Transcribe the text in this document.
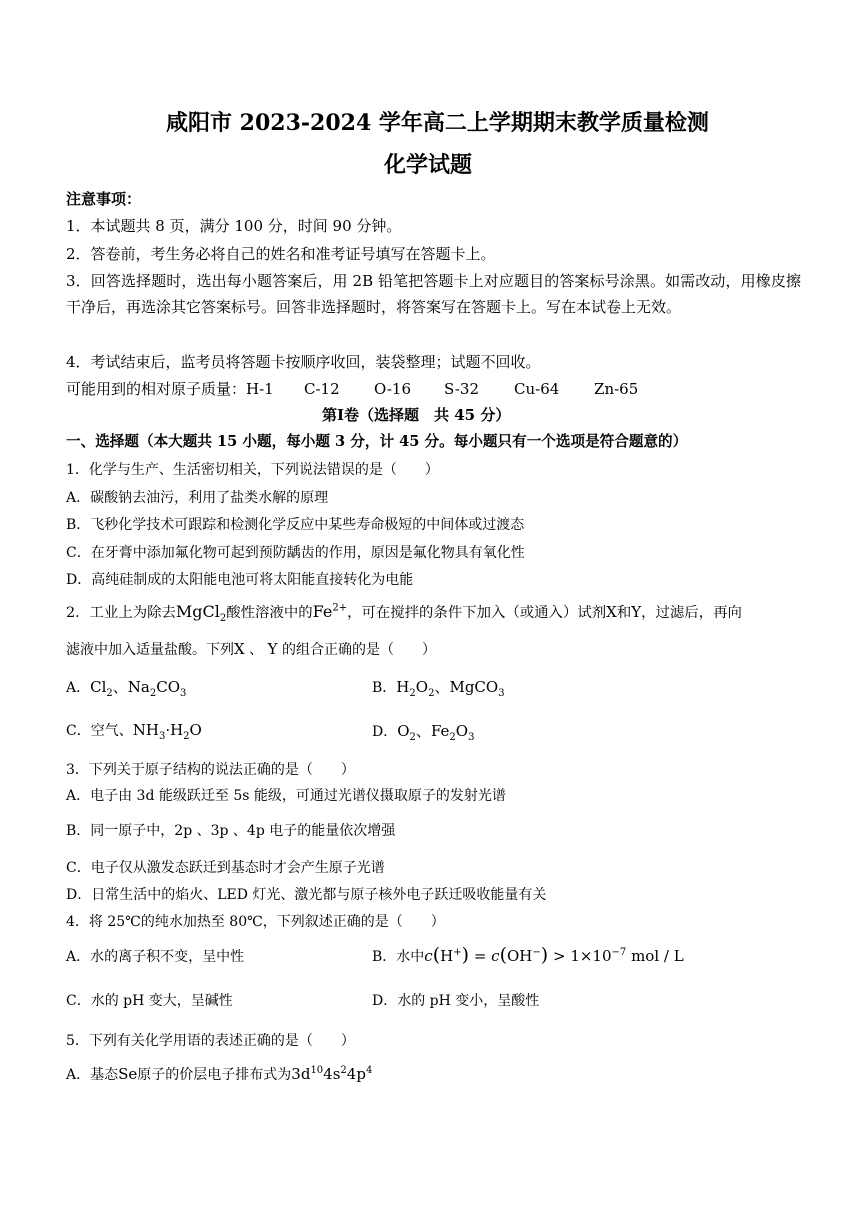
咸阳市 2023-2024 学年高二上学期期末教学质量检测
化学试题
注意事项：
1．本试题共 8 页，满分 100 分，时间 90 分钟。
2．答卷前，考生务必将自己的姓名和准考证号填写在答题卡上。
3．回答选择题时，选出每小题答案后，用 2B 铅笔把答题卡上对应题目的答案标号涂黑。如需改动，用橡皮擦干净后，再选涂其它答案标号。回答非选择题时，将答案写在答题卡上。写在本试卷上无效。
4．考试结束后，监考员将答题卡按顺序收回，装袋整理；试题不回收。
可能用到的相对原子质量：H-1 C-12 O-16 S-32 Cu-64 Zn-65
第Ⅰ卷（选择题　共 45 分）
一、选择题（本大题共 15 小题，每小题 3 分，计 45 分。每小题只有一个选项是符合题意的）
1．化学与生产、生活密切相关，下列说法错误的是（　　）
A．碳酸钠去油污，利用了盐类水解的原理
B．飞秒化学技术可跟踪和检测化学反应中某些寿命极短的中间体或过渡态
C．在牙膏中添加氟化物可起到预防龋齿的作用，原因是氟化物具有氧化性
D．高纯硅制成的太阳能电池可将太阳能直接转化为电能
2．工业上为除去MgCl$_2$酸性溶液中的$Fe^{2+}$，可在搅拌的条件下加入（或通入）试剂X和Y，过滤后，再向
滤液中加入适量盐酸。下列X 、 Y 的组合正确的是（　　）
A．$Cl_2$、$Na_2CO_3$	B．$H_2O_2$、MgCO$_3$
C．空气、$NH_3\cdot H_2O$	D．$O_2$、$Fe_2O_3$
3．下列关于原子结构的说法正确的是（　　）
A．电子由 3d 能级跃迁至 5s 能级，可通过光谱仪摄取原子的发射光谱
B．同一原子中，2p 、3p 、4p 电子的能量依次增强
C．电子仅从激发态跃迁到基态时才会产生原子光谱
D．日常生活中的焰火、LED 灯光、激光都与原子核外电子跃迁吸收能量有关
4．将 25℃的纯水加热至 80℃，下列叙述正确的是（　　）
A．水的离子积不变，呈中性	B．水中$c(H^+) = c(OH^-) > 1\times 10^{-7}$ mol / L
C．水的 pH 变大，呈碱性	D．水的 pH 变小，呈酸性
5．下列有关化学用语的表述正确的是（　　）
A．基态Se原子的价层电子排布式为$3d^{10}4s^24p^4$
